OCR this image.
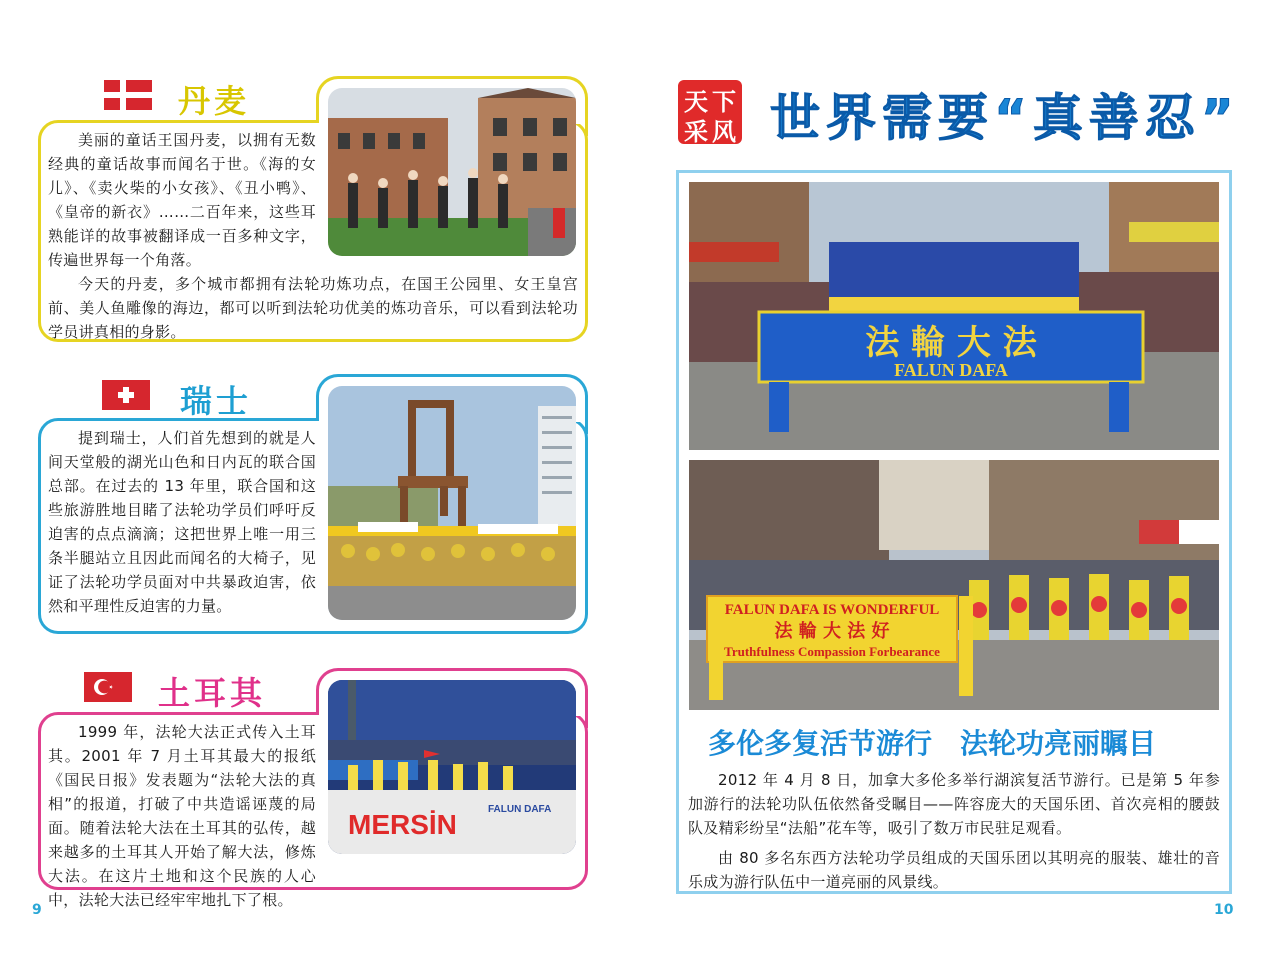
丹麦

美丽的童话王国丹麦，以拥有无数经典的童话故事而闻名于世。《海的女儿》、《卖火柴的小女孩》、《丑小鸭》、《皇帝的新衣》……二百年来，这些耳熟能详的故事被翻译成一百多种文字，传遍世界每一个角落。

今天的丹麦，多个城市都拥有法轮功炼功点，在国王公园里、女王皇宫前、美人鱼雕像的海边，都可以听到法轮功优美的炼功音乐，可以看到法轮功学员讲真相的身影。

瑞士

提到瑞士，人们首先想到的就是人间天堂般的湖光山色和日内瓦的联合国总部。在过去的 13 年里，联合国和这些旅游胜地目睹了法轮功学员们呼吁反迫害的点点滴滴；这把世界上唯一用三条半腿站立且因此而闻名的大椅子，见证了法轮功学员面对中共暴政迫害，依然和平理性反迫害的力量。

土耳其
MERSİN	FALUN DAFA

1999 年，法轮大法正式传入土耳其。2001 年 7 月土耳其最大的报纸《国民日报》发表题为“法轮大法的真相”的报道，打破了中共造谣诬蔑的局面。随着法轮大法在土耳其的弘传，越来越多的土耳其人开始了解大法，修炼大法。在这片土地和这个民族的人心中，法轮大法已经牢牢地扎下了根。

9
天 下
采 风 世界需要“真善忍”
法 輪 大 法
FALUN DAFA
FALUN DAFA IS WONDERFUL
法 輪 大 法 好
Truthfulness Compassion Forbearance
多伦多复活节游行　法轮功亮丽瞩目

2012 年 4 月 8 日，加拿大多伦多举行湖滨复活节游行。已是第 5 年参加游行的法轮功队伍依然备受瞩目——阵容庞大的天国乐团、首次亮相的腰鼓队及精彩纷呈“法船”花车等，吸引了数万市民驻足观看。

由 80 多名东西方法轮功学员组成的天国乐团以其明亮的服装、雄壮的音乐成为游行队伍中一道亮丽的风景线。

10
